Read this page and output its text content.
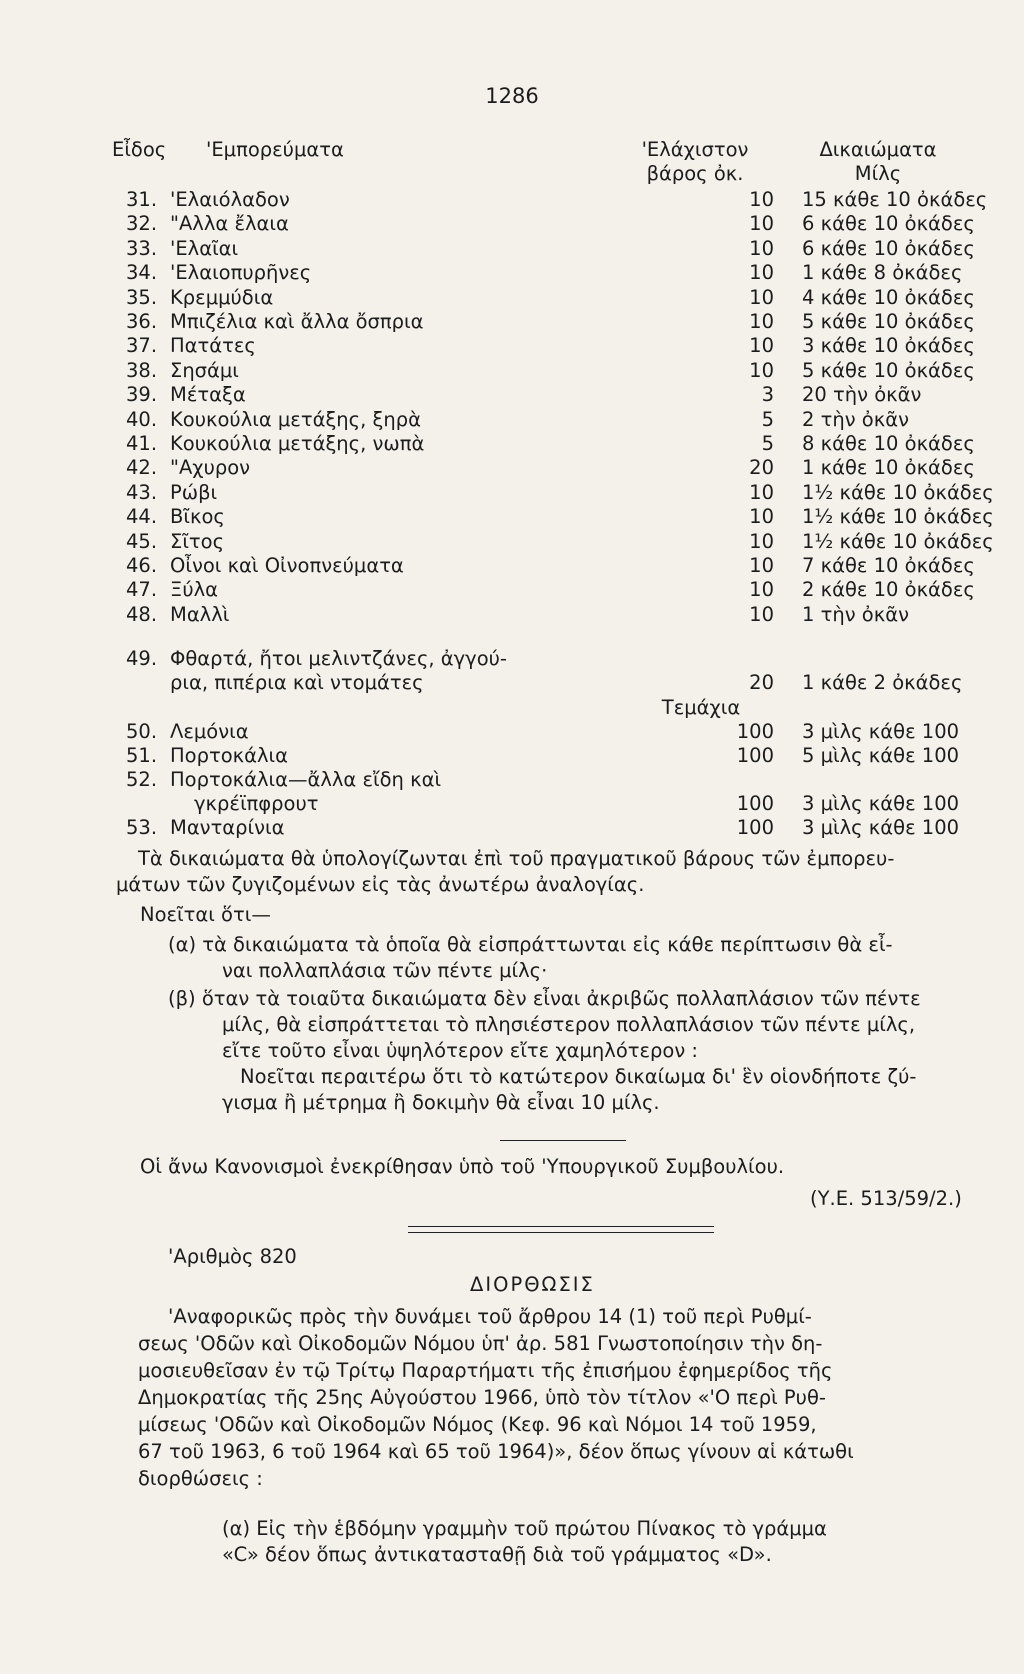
1286
Εἶδος 'Εμπορεύματα	'Ελάχιστον	Δικαιώματα
βάρος ὀκ.	Μίλς
31. 'Ελαιόλαδον	10 15 κάθε 10 ὀκάδες
32. "Αλλα ἔλαια	10 6 κάθε 10 ὀκάδες
33. 'Ελαῖαι	10 6 κάθε 10 ὀκάδες
34. 'Ελαιοπυρῆνες	10 1 κάθε 8 ὀκάδες
35. Κρεμμύδια	10 4 κάθε 10 ὀκάδες
36. Μπιζέλια καὶ ἄλλα ὄσπρια	10 5 κάθε 10 ὀκάδες
37. Πατάτες	10 3 κάθε 10 ὀκάδες
38. Σησάμι	10 5 κάθε 10 ὀκάδες
39. Μέταξα	3 20 τὴν ὀκᾶν
40. Κουκούλια μετάξης, ξηρὰ	5 2 τὴν ὀκᾶν
41. Κουκούλια μετάξης, νωπὰ	5 8 κάθε 10 ὀκάδες
42. "Αχυρον	20 1 κάθε 10 ὀκάδες
43. Ρώβι	10 1½ κάθε 10 ὀκάδες
44. Βῖκος	10 1½ κάθε 10 ὀκάδες
45. Σῖτος	10 1½ κάθε 10 ὀκάδες
46. Οἶνοι καὶ Οἰνοπνεύματα	10 7 κάθε 10 ὀκάδες
47. Ξύλα	10 2 κάθε 10 ὀκάδες
48. Μαλλὶ	10 1 τὴν ὀκᾶν
49. Φθαρτά, ἤτοι μελιντζάνες, ἀγγού-
ρια, πιπέρια καὶ ντομάτες	20 1 κάθε 2 ὀκάδες
Τεμάχια
50. Λεμόνια	100 3 μὶλς κάθε 100
51. Πορτοκάλια	100 5 μὶλς κάθε 100
52. Πορτοκάλια—ἄλλα εἴδη καὶ
γκρέϊπφρουτ	100 3 μὶλς κάθε 100
53. Μανταρίνια	100 3 μὶλς κάθε 100
Τὰ δικαιώματα θὰ ὑπολογίζωνται ἐπὶ τοῦ πραγματικοῦ βάρους τῶν ἐμπορευ-
μάτων τῶν ζυγιζομένων εἰς τὰς ἀνωτέρω ἀναλογίας.
Νοεῖται ὅτι—
(α) τὰ δικαιώματα τὰ ὁποῖα θὰ εἰσπράττωνται εἰς κάθε περίπτωσιν θὰ εἶ-
ναι πολλαπλάσια τῶν πέντε μίλς·
(β) ὅταν τὰ τοιαῦτα δικαιώματα δὲν εἶναι ἀκριβῶς πολλαπλάσιον τῶν πέντε
μίλς, θὰ εἰσπράττεται τὸ πλησιέστερον πολλαπλάσιον τῶν πέντε μίλς,
εἴτε τοῦτο εἶναι ὑψηλότερον εἴτε χαμηλότερον :
Νοεῖται περαιτέρω ὅτι τὸ κατώτερον δικαίωμα δι' ἓν οἱονδήποτε ζύ-
γισμα ἢ μέτρημα ἢ δοκιμὴν θὰ εἶναι 10 μίλς.
Οἱ ἄνω Κανονισμοὶ ἐνεκρίθησαν ὑπὸ τοῦ 'Υπουργικοῦ Συμβουλίου.
(Υ.Ε. 513/59/2.)
'Αριθμὸς 820
ΔΙΟΡΘΩΣΙΣ
'Αναφορικῶς πρὸς τὴν δυνάμει τοῦ ἄρθρου 14 (1) τοῦ περὶ Ρυθμί-
σεως 'Οδῶν καὶ Οἰκοδομῶν Νόμου ὑπ' ἀρ. 581 Γνωστοποίησιν τὴν δη-
μοσιευθεῖσαν ἐν τῷ Τρίτῳ Παραρτήματι τῆς ἐπισήμου ἐφημερίδος τῆς
Δημοκρατίας τῆς 25ης Αὐγούστου 1966, ὑπὸ τὸν τίτλον «'Ο περὶ Ρυθ-
μίσεως 'Οδῶν καὶ Οἰκοδομῶν Νόμος (Κεφ. 96 καὶ Νόμοι 14 τοῦ 1959,
67 τοῦ 1963, 6 τοῦ 1964 καὶ 65 τοῦ 1964)», δέον ὅπως γίνουν αἱ κάτωθι
διορθώσεις :
(α) Εἰς τὴν ἑβδόμην γραμμὴν τοῦ πρώτου Πίνακος τὸ γράμμα
«C» δέον ὅπως ἀντικατασταθῇ διὰ τοῦ γράμματος «D».
